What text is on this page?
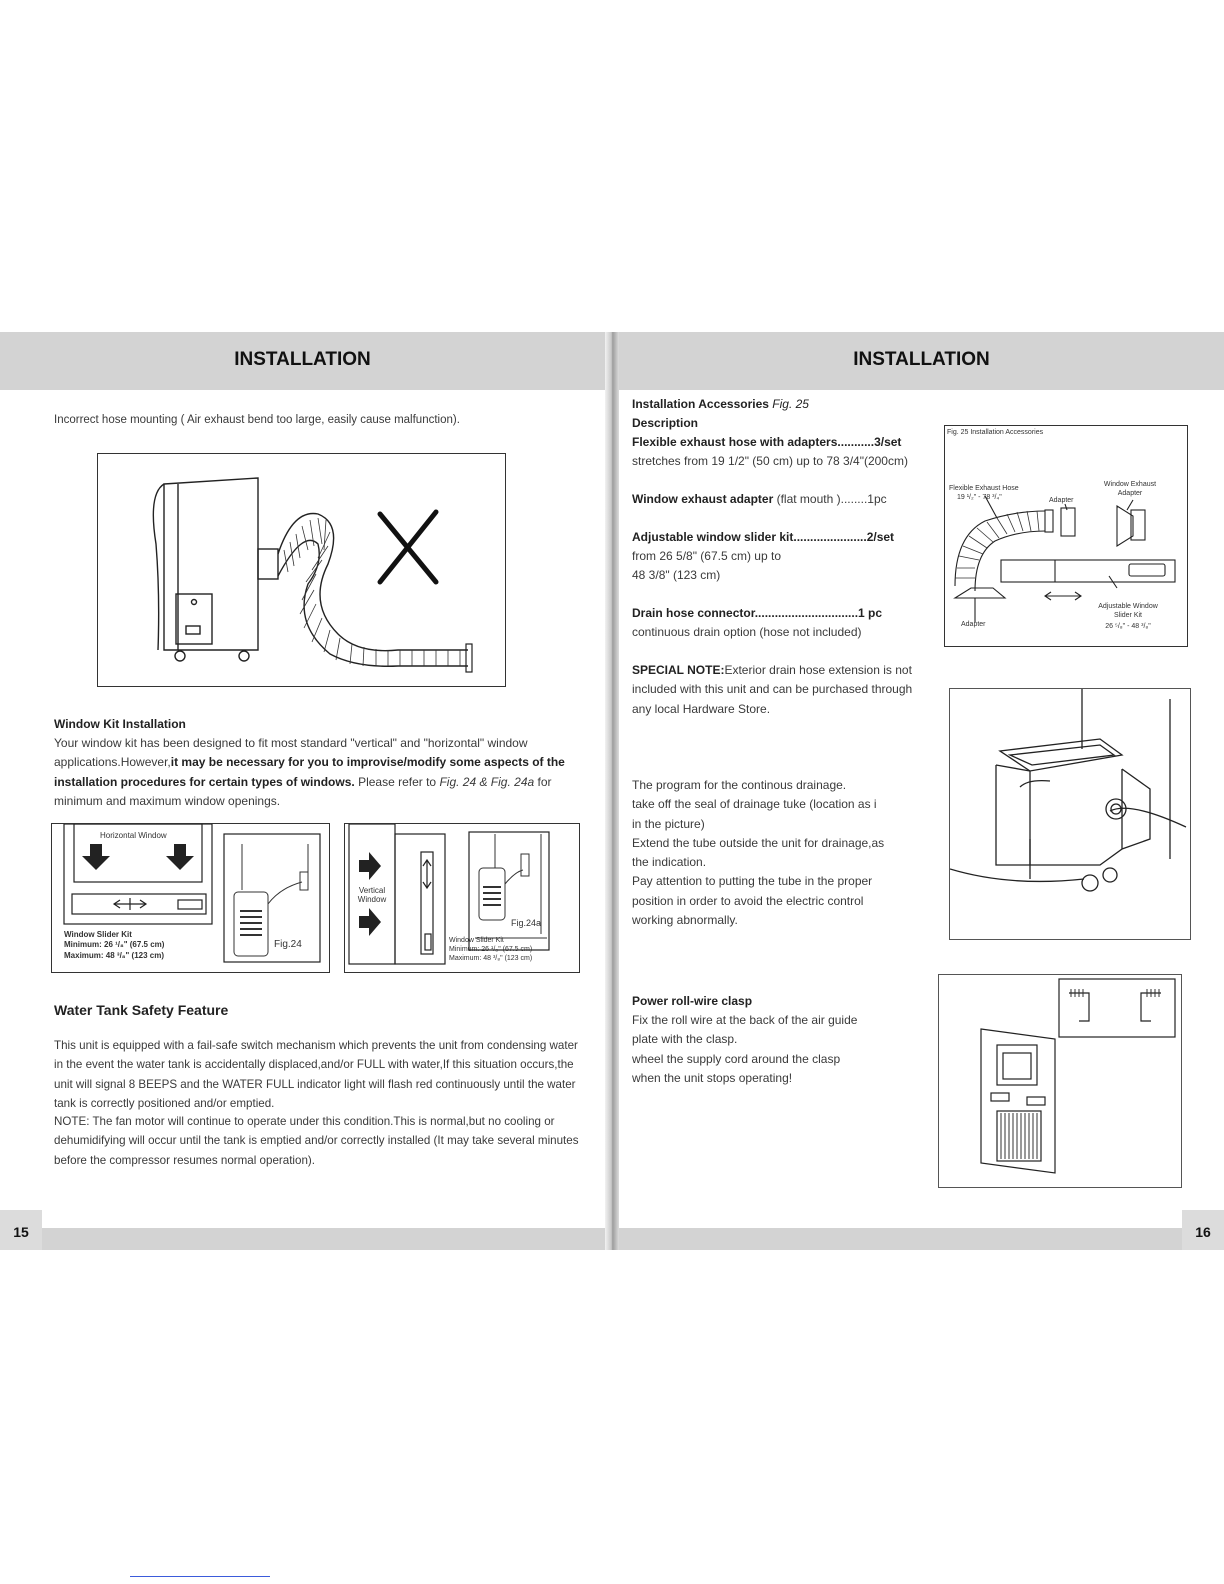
INSTALLATION	INSTALLATION
Incorrect hose mounting ( Air exhaust bend too large, easily cause malfunction).
Window Kit Installation
Your window kit has been designed to fit most standard "vertical" and "horizontal" window applications.However,it may be necessary for you to improvise/modify some aspects of the installation procedures for certain types of windows. Please refer to Fig. 24 & Fig. 24a for minimum and maximum window openings.
Horizontal Window
Window Slider Kit
Minimum: 26 ¹/₈" (67.5 cm)
Maximum: 48 ³/₈" (123 cm)
Fig.24
Vertical Window
Fig.24a
Window Slider Kit
Minimum: 26 ¹/₈" (67.5 cm)
Maximum: 48 ³/₈" (123 cm)
Water Tank Safety Feature
This unit is equipped with a fail-safe switch mechanism which prevents the unit from condensing water in the event the water tank is accidentally displaced,and/or FULL with water,If this situation occurs,the unit will signal 8 BEEPS and the WATER FULL indicator light will flash red continuously until the water tank is correctly positioned and/or emptied.
NOTE: The fan motor will continue to operate under this condition.This is normal,but no cooling or dehumidifying will occur until the tank is emptied and/or correctly installed (It may take several minutes before the compressor resumes normal operation).
Installation Accessories Fig. 25
Description
Flexible exhaust hose with adapters...........3/set
stretches from 19 1/2" (50 cm) up to 78 3/4"(200cm)
Window exhaust adapter (flat mouth )........1pc
Adjustable window slider kit......................2/set
from 26 5/8" (67.5 cm) up to
48 3/8" (123 cm)
Drain hose connector...............................1 pc
continuous drain option (hose not included)
SPECIAL NOTE:Exterior drain hose extension is not included with this unit and can be purchased through any local Hardware Store.
The program for the continous drainage.
take off the seal of drainage tuke (location as i
in the picture)
Extend the tube outside the unit for drainage,as
the indication.
Pay attention to putting the tube in the proper
position in order to avoid the electric control
working abnormally.
Power roll-wire clasp
Fix the roll wire at the back of the air guide
plate with the clasp.
wheel the supply cord around the clasp
when the unit stops operating!
Fig. 25 Installation Accessories
Flexible Exhaust Hose
19 ¹/₂" - 78 ³/₄"	Adapter
Window Exhaust Adapter
Adapter
Adjustable Window Slider Kit
26 ⁵/₈" - 48 ³/₈"
15	16
